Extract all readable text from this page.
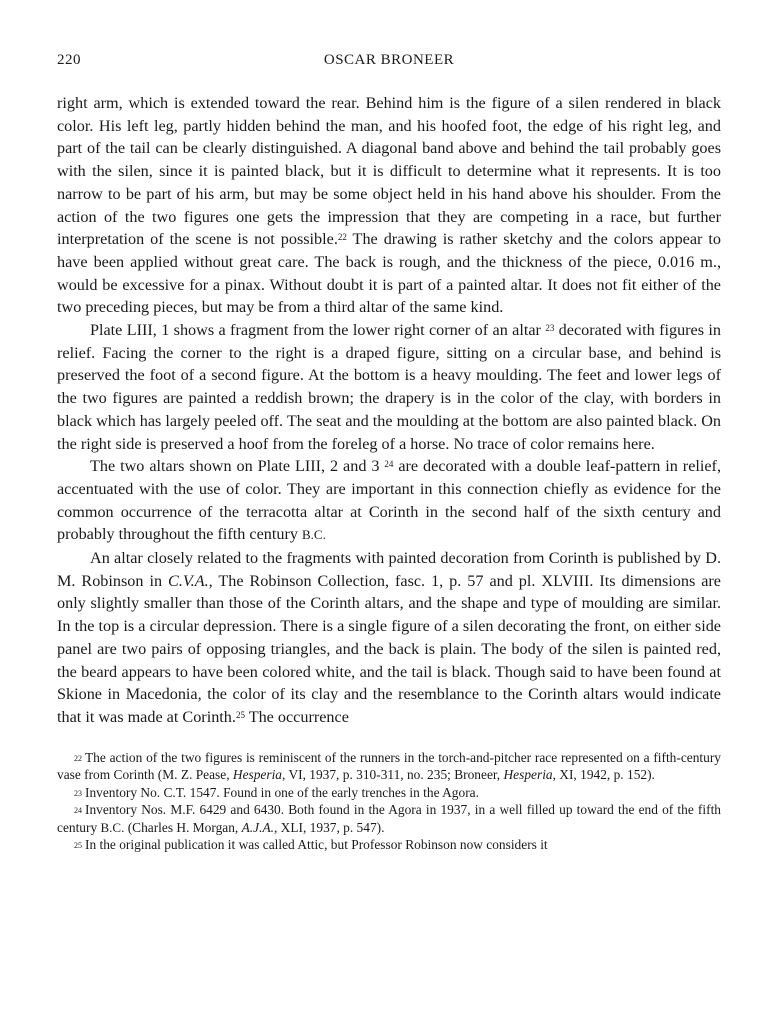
220	OSCAR BRONEER

right arm, which is extended toward the rear. Behind him is the figure of a silen rendered in black color. His left leg, partly hidden behind the man, and his hoofed foot, the edge of his right leg, and part of the tail can be clearly distinguished. A diagonal band above and behind the tail probably goes with the silen, since it is painted black, but it is difficult to determine what it represents. It is too narrow to be part of his arm, but may be some object held in his hand above his shoulder. From the action of the two figures one gets the impression that they are competing in a race, but further interpretation of the scene is not possible.$^{22}$ The drawing is rather sketchy and the colors appear to have been applied without great care. The back is rough, and the thickness of the piece, 0.016 m., would be excessive for a pinax. Without doubt it is part of a painted altar. It does not fit either of the two preceding pieces, but may be from a third altar of the same kind.

Plate LIII, 1 shows a fragment from the lower right corner of an altar $^{23}$ decorated with figures in relief. Facing the corner to the right is a draped figure, sitting on a circular base, and behind is preserved the foot of a second figure. At the bottom is a heavy moulding. The feet and lower legs of the two figures are painted a reddish brown; the drapery is in the color of the clay, with borders in black which has largely peeled off. The seat and the moulding at the bottom are also painted black. On the right side is preserved a hoof from the foreleg of a horse. No trace of color remains here.

The two altars shown on Plate LIII, 2 and 3 $^{24}$ are decorated with a double leaf-pattern in relief, accentuated with the use of color. They are important in this connection chiefly as evidence for the common occurrence of the terracotta altar at Corinth in the second half of the sixth century and probably throughout the fifth century B.C.

An altar closely related to the fragments with painted decoration from Corinth is published by D. M. Robinson in C.V.A., The Robinson Collection, fasc. 1, p. 57 and pl. XLVIII. Its dimensions are only slightly smaller than those of the Corinth altars, and the shape and type of moulding are similar. In the top is a circular depression. There is a single figure of a silen decorating the front, on either side panel are two pairs of opposing triangles, and the back is plain. The body of the silen is painted red, the beard appears to have been colored white, and the tail is black. Though said to have been found at Skione in Macedonia, the color of its clay and the resemblance to the Corinth altars would indicate that it was made at Corinth.$^{25}$ The occurrence

$^{22}$ The action of the two figures is reminiscent of the runners in the torch-and-pitcher race represented on a fifth-century vase from Corinth (M. Z. Pease, Hesperia, VI, 1937, p. 310-311, no. 235; Broneer, Hesperia, XI, 1942, p. 152).

$^{23}$ Inventory No. C.T. 1547. Found in one of the early trenches in the Agora.

$^{24}$ Inventory Nos. M.F. 6429 and 6430. Both found in the Agora in 1937, in a well filled up toward the end of the fifth century B.C. (Charles H. Morgan, A.J.A., XLI, 1937, p. 547).

$^{25}$ In the original publication it was called Attic, but Professor Robinson now considers it
